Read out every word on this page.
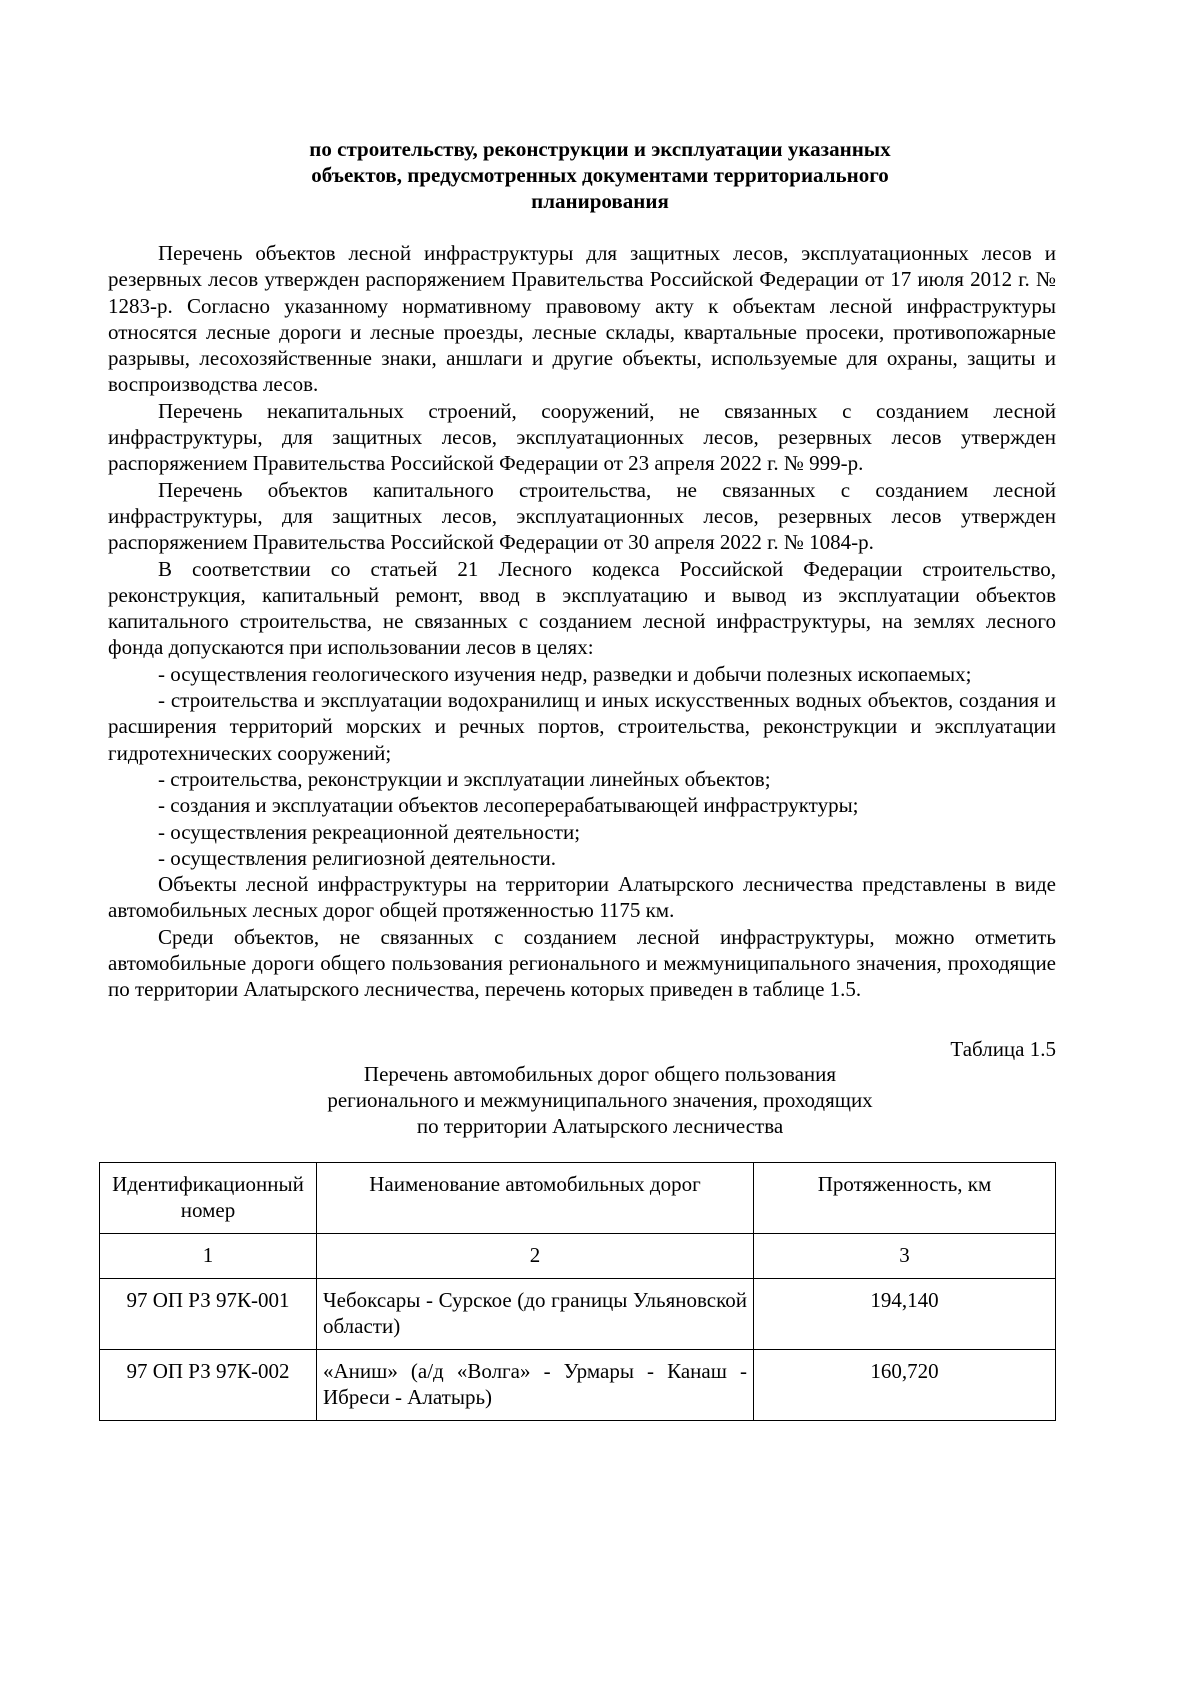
по строительству, реконструкции и эксплуатации указанных
объектов, предусмотренных документами территориального
планирования

Перечень объектов лесной инфраструктуры для защитных лесов, эксплуатационных лесов и резервных лесов утвержден распоряжением Правительства Российской Федерации от 17 июля 2012 г. № 1283-р. Согласно указанному нормативному правовому акту к объектам лесной инфраструктуры относятся лесные дороги и лесные проезды, лесные склады, квартальные просеки, противопожарные разрывы, лесохозяйственные знаки, аншлаги и другие объекты, используемые для охраны, защиты и воспроизводства лесов.

Перечень некапитальных строений, сооружений, не связанных с созданием лесной инфраструктуры, для защитных лесов, эксплуатационных лесов, резервных лесов утвержден распоряжением Правительства Российской Федерации от 23 апреля 2022 г. № 999-р.

Перечень объектов капитального строительства, не связанных с созданием лесной инфраструктуры, для защитных лесов, эксплуатационных лесов, резервных лесов утвержден распоряжением Правительства Российской Федерации от 30 апреля 2022 г. № 1084-р.

В соответствии со статьей 21 Лесного кодекса Российской Федерации строительство, реконструкция, капитальный ремонт, ввод в эксплуатацию и вывод из эксплуатации объектов капитального строительства, не связанных с созданием лесной инфраструктуры, на землях лесного фонда допускаются при использовании лесов в целях:

- осуществления геологического изучения недр, разведки и добычи полезных ископаемых;

- строительства и эксплуатации водохранилищ и иных искусственных водных объектов, создания и расширения территорий морских и речных портов, строительства, реконструкции и эксплуатации гидротехнических сооружений;

- строительства, реконструкции и эксплуатации линейных объектов;

- создания и эксплуатации объектов лесоперерабатывающей инфраструктуры;

- осуществления рекреационной деятельности;

- осуществления религиозной деятельности.

Объекты лесной инфраструктуры на территории Алатырского лесничества представлены в виде автомобильных лесных дорог общей протяженностью 1175 км.

Среди объектов, не связанных с созданием лесной инфраструктуры, можно отметить автомобильные дороги общего пользования регионального и межмуниципального значения, проходящие по территории Алатырского лесничества, перечень которых приведен в таблице 1.5.

Таблица 1.5
Перечень автомобильных дорог общего пользования
регионального и межмуниципального значения, проходящих
по территории Алатырского лесничества
Идентификационный номер	Наименование автомобильных дорог	Протяженность, км
1	2	3
97 ОП РЗ 97К-001	Чебоксары - Сурское (до границы Ульяновской области)	194,140
97 ОП РЗ 97К-002	«Аниш» (а/д «Волга» - Урмары - Канаш - Ибреси - Алатырь)	160,720
